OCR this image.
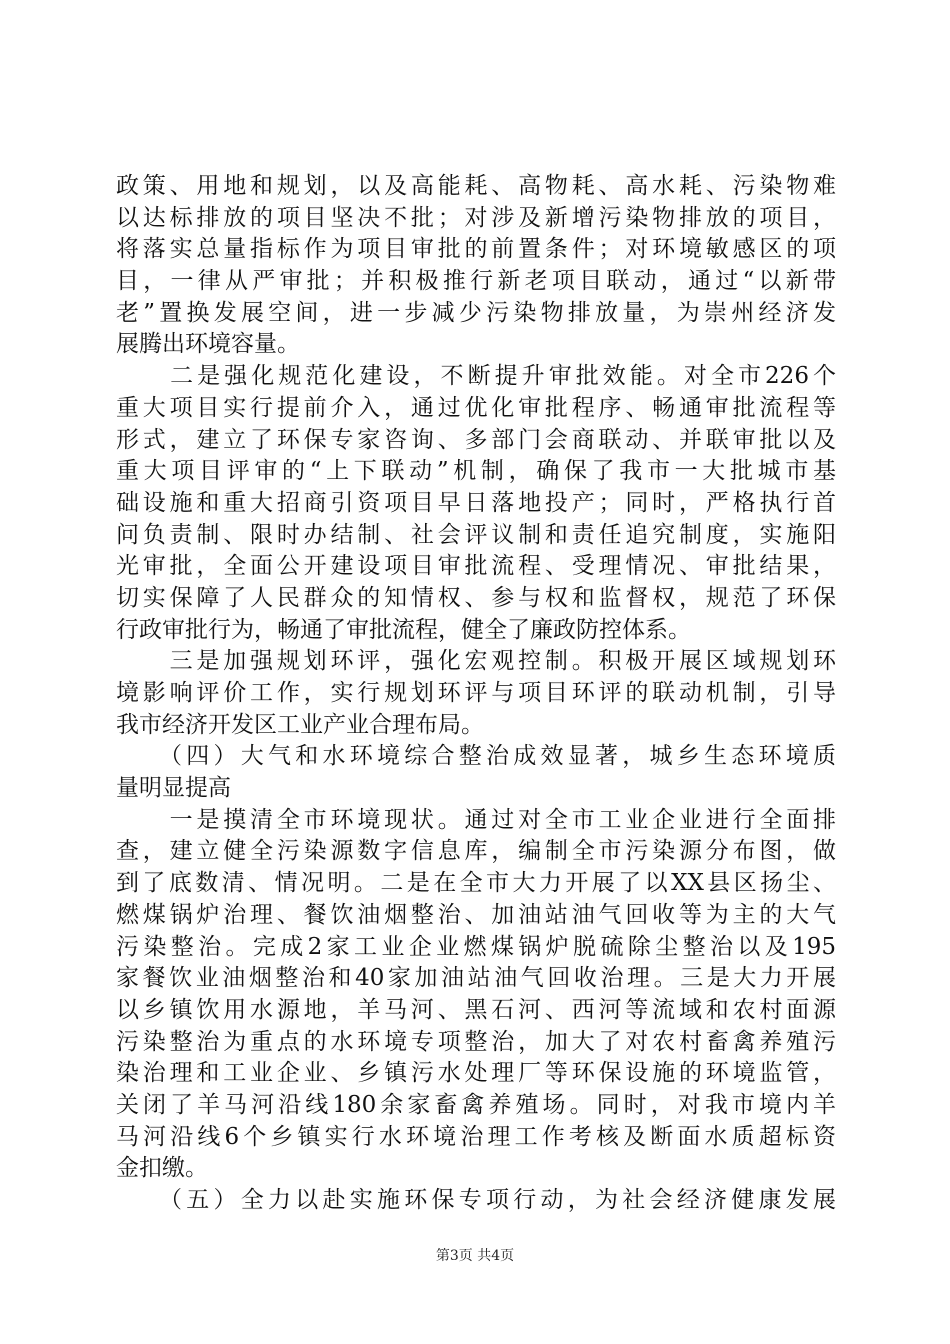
政策、用地和规划，以及高能耗、高物耗、高水耗、污染物难
以达标排放的项目坚决不批；对涉及新增污染物排放的项目，
将落实总量指标作为项目审批的前置条件；对环境敏感区的项
目，一律从严审批；并积极推行新老项目联动，通过“以新带
老”置换发展空间，进一步减少污染物排放量，为崇州经济发
展腾出环境容量。
　　二是强化规范化建设，不断提升审批效能。对全市226个
重大项目实行提前介入，通过优化审批程序、畅通审批流程等
形式，建立了环保专家咨询、多部门会商联动、并联审批以及
重大项目评审的“上下联动”机制，确保了我市一大批城市基
础设施和重大招商引资项目早日落地投产；同时，严格执行首
问负责制、限时办结制、社会评议制和责任追究制度，实施阳
光审批，全面公开建设项目审批流程、受理情况、审批结果，
切实保障了人民群众的知情权、参与权和监督权，规范了环保
行政审批行为，畅通了审批流程，健全了廉政防控体系。
　　三是加强规划环评，强化宏观控制。积极开展区域规划环
境影响评价工作，实行规划环评与项目环评的联动机制，引导
我市经济开发区工业产业合理布局。
　　（四）大气和水环境综合整治成效显著，城乡生态环境质
量明显提高
　　一是摸清全市环境现状。通过对全市工业企业进行全面排
查，建立健全污染源数字信息库，编制全市污染源分布图，做
到了底数清、情况明。二是在全市大力开展了以XX县区扬尘、
燃煤锅炉治理、餐饮油烟整治、加油站油气回收等为主的大气
污染整治。完成2家工业企业燃煤锅炉脱硫除尘整治以及195
家餐饮业油烟整治和40家加油站油气回收治理。三是大力开展
以乡镇饮用水源地，羊马河、黑石河、西河等流域和农村面源
污染整治为重点的水环境专项整治，加大了对农村畜禽养殖污
染治理和工业企业、乡镇污水处理厂等环保设施的环境监管，
关闭了羊马河沿线180余家畜禽养殖场。同时，对我市境内羊
马河沿线6个乡镇实行水环境治理工作考核及断面水质超标资
金扣缴。
　　（五）全力以赴实施环保专项行动，为社会经济健康发展
第3页 共4页
